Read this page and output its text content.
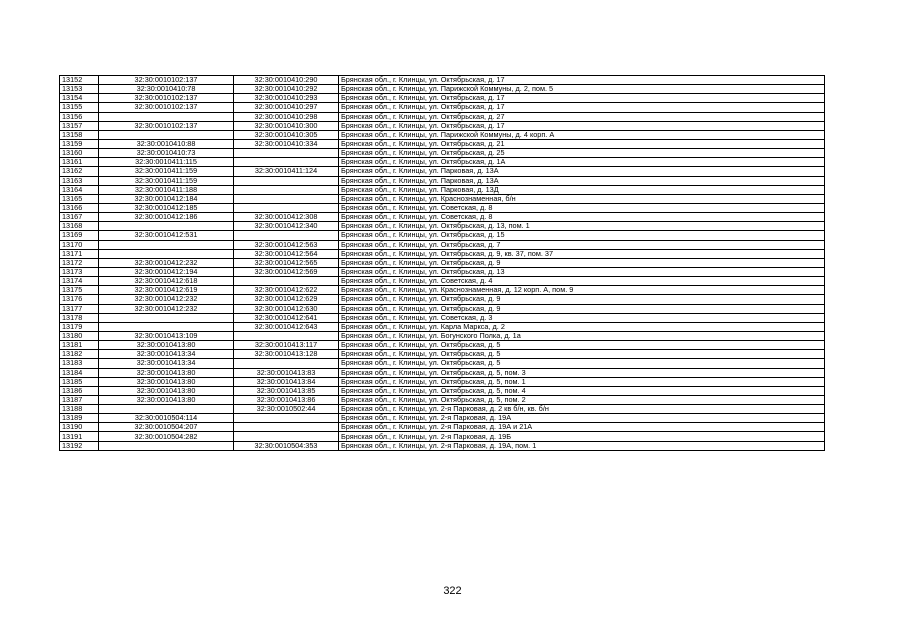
13152	32:30:0010102:137	32:30:0010410:290	Брянская обл., г. Клинцы, ул. Октябрьская, д. 17
13153	32:30:0010410:78	32:30:0010410:292	Брянская обл., г. Клинцы, ул. Парижской Коммуны, д. 2, пом. 5
13154	32:30:0010102:137	32:30:0010410:293	Брянская обл., г. Клинцы, ул. Октябрьская, д. 17
13155	32:30:0010102:137	32:30:0010410:297	Брянская обл., г. Клинцы, ул. Октябрьская, д. 17
13156		32:30:0010410:298	Брянская обл., г. Клинцы, ул. Октябрьская, д. 27
13157	32:30:0010102:137	32:30:0010410:300	Брянская обл., г. Клинцы, ул. Октябрьская, д. 17
13158		32:30:0010410:305	Брянская обл., г. Клинцы, ул. Парижской Коммуны, д. 4 корп. А
13159	32:30:0010410:88	32:30:0010410:334	Брянская обл., г. Клинцы, ул. Октябрьская, д. 21
13160	32:30:0010410:73		Брянская обл., г. Клинцы, ул. Октябрьская, д. 25
13161	32:30:0010411:115		Брянская обл., г. Клинцы, ул. Октябрьская, д. 1А
13162	32:30:0010411:159	32:30:0010411:124	Брянская обл., г. Клинцы, ул. Парковая, д. 13А
13163	32:30:0010411:159		Брянская обл., г. Клинцы, ул. Парковая, д. 13А
13164	32:30:0010411:188		Брянская обл., г. Клинцы, ул. Парковая, д. 13Д
13165	32:30:0010412:184		Брянская обл., г. Клинцы, ул. Краснознаменная, б/н
13166	32:30:0010412:185		Брянская обл., г. Клинцы, ул. Советская, д. 8
13167	32:30:0010412:186	32:30:0010412:308	Брянская обл., г. Клинцы, ул. Советская, д. 8
13168		32:30:0010412:340	Брянская обл., г. Клинцы, ул. Октябрьская, д. 13, пом. 1
13169	32:30:0010412:531		Брянская обл., г. Клинцы, ул. Октябрьская, д. 15
13170		32:30:0010412:563	Брянская обл., г. Клинцы, ул. Октябрьская, д. 7
13171		32:30:0010412:564	Брянская обл., г. Клинцы, ул. Октябрьская, д. 9, кв. 37, пом. 37
13172	32:30:0010412:232	32:30:0010412:565	Брянская обл., г. Клинцы, ул. Октябрьская, д. 9
13173	32:30:0010412:194	32:30:0010412:569	Брянская обл., г. Клинцы, ул. Октябрьская, д. 13
13174	32:30:0010412:618		Брянская обл., г. Клинцы, ул. Советская, д. 4
13175	32:30:0010412:619	32:30:0010412:622	Брянская обл., г. Клинцы, ул. Краснознаменная, д. 12 корп. А, пом. 9
13176	32:30:0010412:232	32:30:0010412:629	Брянская обл., г. Клинцы, ул. Октябрьская, д. 9
13177	32:30:0010412:232	32:30:0010412:630	Брянская обл., г. Клинцы, ул. Октябрьская, д. 9
13178		32:30:0010412:641	Брянская обл., г. Клинцы, ул. Советская, д. 3
13179		32:30:0010412:643	Брянская обл., г. Клинцы, ул. Карла Маркса, д. 2
13180	32:30:0010413:109		Брянская обл., г. Клинцы, ул. Богунского Полка, д. 1а
13181	32:30:0010413:80	32:30:0010413:117	Брянская обл., г. Клинцы, ул. Октябрьская, д. 5
13182	32:30:0010413:34	32:30:0010413:128	Брянская обл., г. Клинцы, ул. Октябрьская, д. 5
13183	32:30:0010413:34		Брянская обл., г. Клинцы, ул. Октябрьская, д. 5
13184	32:30:0010413:80	32:30:0010413:83	Брянская обл., г. Клинцы, ул. Октябрьская, д. 5, пом. 3
13185	32:30:0010413:80	32:30:0010413:84	Брянская обл., г. Клинцы, ул. Октябрьская, д. 5, пом. 1
13186	32:30:0010413:80	32:30:0010413:85	Брянская обл., г. Клинцы, ул. Октябрьская, д. 5, пом. 4
13187	32:30:0010413:80	32:30:0010413:86	Брянская обл., г. Клинцы, ул. Октябрьская, д. 5, пом. 2
13188		32:30:0010502:44	Брянская обл., г. Клинцы, ул. 2-я Парковая, д. 2 кв б/н, кв. б/н
13189	32:30:0010504:114		Брянская обл., г. Клинцы, ул. 2-я Парковая, д. 19А
13190	32:30:0010504:207		Брянская обл., г. Клинцы, ул. 2-я Парковая, д. 19А и 21А
13191	32:30:0010504:282		Брянская обл., г. Клинцы, ул. 2-я Парковая, д. 19Б
13192		32:30:0010504:353	Брянская обл., г. Клинцы, ул. 2-я Парковая, д. 19А, пом. 1
322
